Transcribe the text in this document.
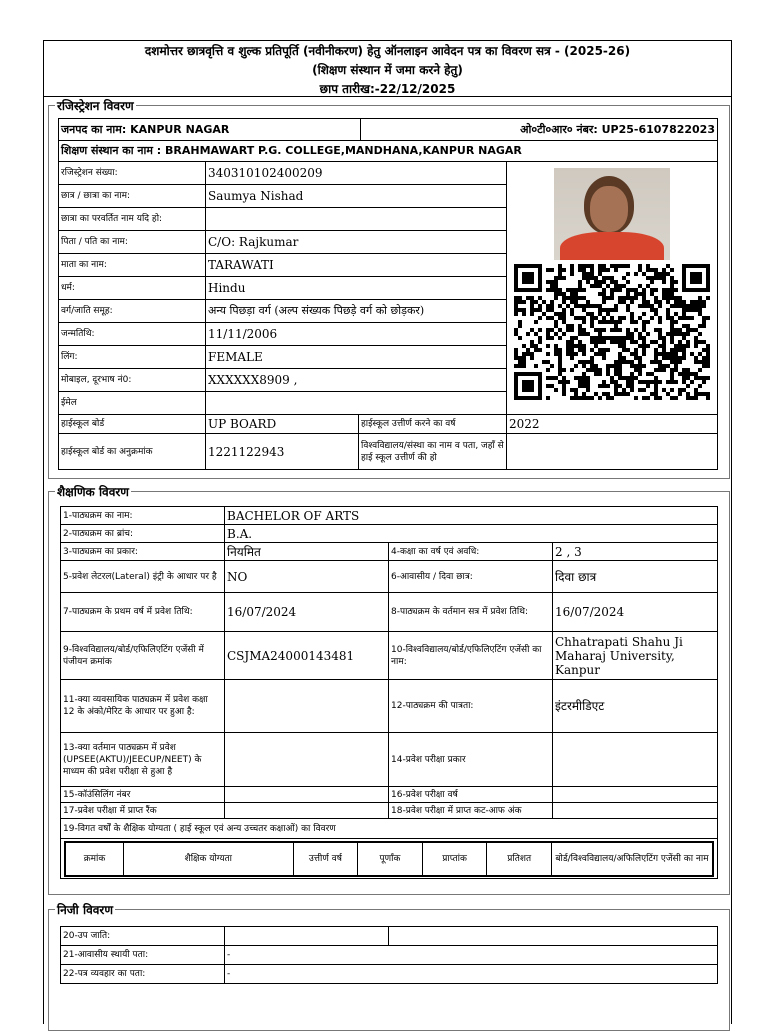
दशमोत्तर छात्रवृत्ति व शुल्क प्रतिपूर्ति (नवीनीकरण) हेतु ऑनलाइन आवेदन पत्र का विवरण सत्र - (2025-26)
(शिक्षण संस्थान में जमा करने हेतु)
छाप तारीख:-22/12/2025
रजिस्ट्रेशन विवरण
जनपद का नाम: KANPUR NAGAR	ओ०टी०आर० नंबर: UP25-6107822023
शिक्षण संस्थान का नाम : BRAHMAWART P.G. COLLEGE,MANDHANA,KANPUR NAGAR
रजिस्ट्रेशन संख्या:	340310102400209	

छात्र / छात्रा का नाम:	Saumya Nishad		
छात्रा का परवर्तित नाम यदि हो:			
पिता / पति का नाम:	C/O: Rajkumar		
माता का नाम:	TARAWATI		
धर्म:	Hindu		
वर्ग/जाति समूह:	अन्य पिछड़ा वर्ग (अल्प संख्यक पिछड़े वर्ग को छोड़कर)		
जन्मतिथि:	11/11/2006		
लिंग:	FEMALE		
मोबाइल, दूरभाष नं0:	XXXXXX8909 ,		
ईमेल			
हाईस्कूल बोर्ड	UP BOARD	हाईस्कूल उत्तीर्ण करने का वर्ष	2022
हाईस्कूल बोर्ड का अनुक्रमांक	1221122943	विश्वविद्यालय/संस्था का नाम व पता, जहाँ से हाई स्कूल उत्तीर्ण की हो	
शैक्षणिक विवरण
1-पाठ्यक्रम का नाम:	BACHELOR OF ARTS
2-पाठ्यक्रम का ब्रांच:	B.A.
3-पाठ्यक्रम का प्रकार:	नियमित	4-कक्षा का वर्ष एवं अवधि:	2 , 3
5-प्रवेश लेटरल(Lateral) इंट्री के आधार पर है	NO	6-आवासीय / दिवा छात्र:	दिवा छात्र
7-पाठ्यक्रम के प्रथम वर्ष में प्रवेश तिथि:	16/07/2024	8-पाठ्यक्रम के वर्तमान सत्र में प्रवेश तिथि:	16/07/2024
9-विश्वविद्यालय/बोर्ड/एफिलिएटिंग एजेंसी में पंजीयन क्रमांक	CSJMA24000143481	10-विश्वविद्यालय/बोर्ड/एफिलिएटिंग एजेंसी का नाम:	Chhatrapati Shahu Ji Maharaj University, Kanpur
11-क्या व्यवसायिक पाठ्यक्रम में प्रवेश कक्षा 12 के अंको/मेरिट के आधार पर हुआ है:		12-पाठ्यक्रम की पात्रता:	इंटरमीडिएट
13-क्या वर्तमान पाठ्यक्रम में प्रवेश (UPSEE(AKTU)/JEECUP/NEET) के माध्यम की प्रवेश परीक्षा से हुआ है		14-प्रवेश परीक्षा प्रकार	
15-कॉउंसिलिंग नंबर		16-प्रवेश परीक्षा वर्ष	
17-प्रवेश परीक्षा में प्राप्त रैंक		18-प्रवेश परीक्षा में प्राप्त कट-आफ अंक	
19-विगत वर्षों के शैक्षिक योग्यता ( हाई स्कूल एवं अन्य उच्चतर कक्षाओं) का विवरण

क्रमांक	शैक्षिक योग्यता	उत्तीर्ण वर्ष	पूर्णांक	प्राप्तांक	प्रतिशत	बोर्ड/विश्वविद्यालय/अफिलिएटिंग एजेंसी का नाम
निजी विवरण
20-उप जाति:		
21-आवासीय स्थायी पता:	-	
22-पत्र व्यवहार का पता:	-	
